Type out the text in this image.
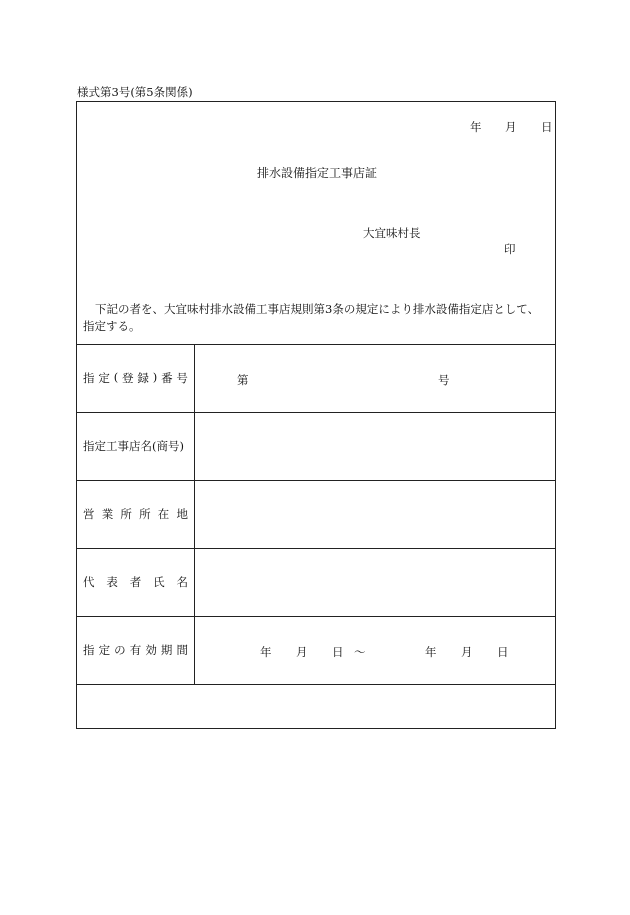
様式第3号(第5条関係)
年 月 日
排水設備指定工事店証
大宜味村長
印

下記の者を、大宜味村排水設備工事店規則第3条の規定により排水設備指定店として、指定する。

指 定 ( 登 録 ) 番 号	第	号
指定工事店名(商号)
営 業 所 所 在 地
代 表 者 氏 名
指 定 の 有 効 期 間	年 月 日 〜	年 月 日
